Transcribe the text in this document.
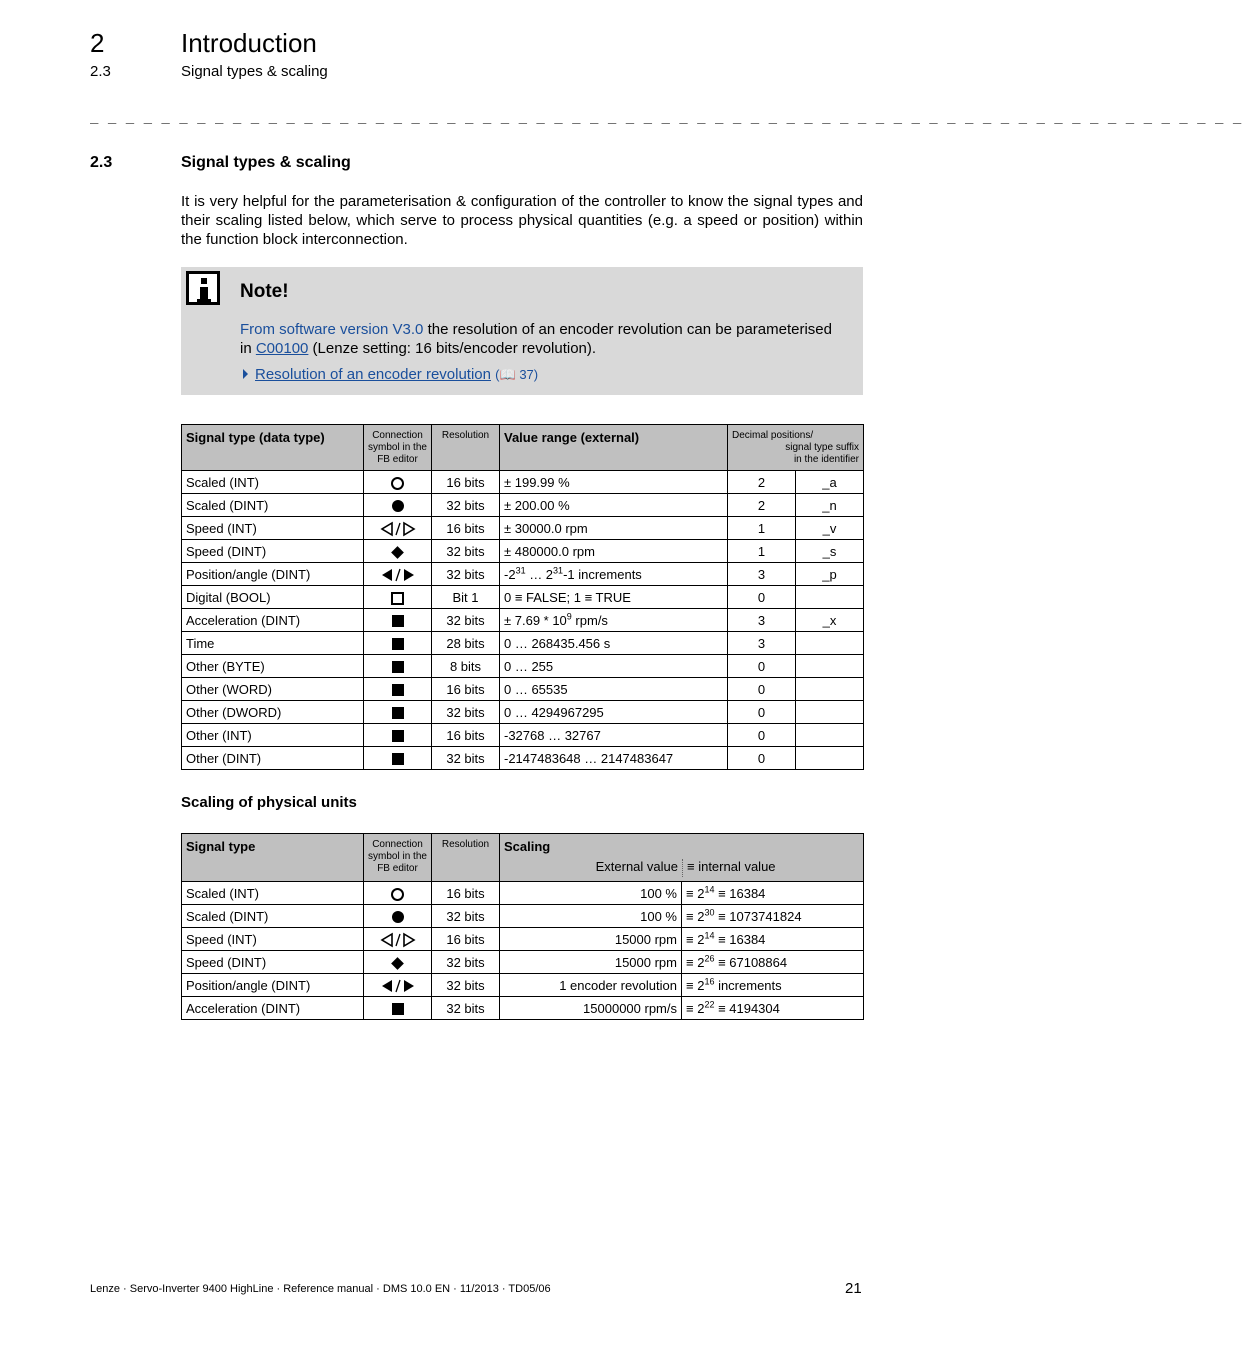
2	Introduction
2.3	Signal types & scaling
_ _ _ _ _ _ _ _ _ _ _ _ _ _ _ _ _ _ _ _ _ _ _ _ _ _ _ _ _ _ _ _ _ _ _ _ _ _ _ _ _ _ _ _ _ _ _ _ _ _ _ _ _ _ _ _ _ _ _ _ _ _ _ _ _
2.3	Signal types & scaling
It is very helpful for the parameterisation & configuration of the controller to know the signal types and their scaling listed below, which serve to process physical quantities (e.g. a speed or position) within the function block interconnection.
Note!
From software version V3.0 the resolution of an encoder revolution can be parameterised in C00100 (Lenze setting: 16 bits/encoder revolution).
Resolution of an encoder revolution (📖 37)
Signal type (data type)	Connection symbol in the FB editor	Resolution	Value range (external)	Decimal positions/
signal type suffix
in the identifier	

Scaled (INT)		16 bits	± 199.99 %	2	_a
Scaled (DINT)		32 bits	± 200.00 %	2	_n
Speed (INT)		16 bits	± 30000.0 rpm	1	_v
Speed (DINT)		32 bits	± 480000.0 rpm	1	_s
Position/angle (DINT)		32 bits	$-2^{31}$ … $2^{31}-1$ increments	3	_p
Digital (BOOL)		Bit 1	0 ≡ FALSE; 1 ≡ TRUE	0	
Acceleration (DINT)		32 bits	± $7.69 * 10^9$ rpm/s	3	_x
Time		28 bits	0 … 268435.456 s	3	
Other (BYTE)		8 bits	0 … 255	0	
Other (WORD)		16 bits	0 … 65535	0	
Other (DWORD)		32 bits	0 … 4294967295	0	
Other (INT)		16 bits	-32768 … 32767	0	
Other (DINT)		32 bits	-2147483648 … 2147483647	0	
Scaling of physical units
Signal type	Connection symbol in the FB editor	Resolution	Scaling
External value ≡ internal value	

Scaled (INT)		16 bits	100 %	≡ $2^{14} \equiv 16384$
Scaled (DINT)		32 bits	100 %	≡ $2^{30} \equiv 1073741824$
Speed (INT)		16 bits	15000 rpm	≡ $2^{14} \equiv 16384$
Speed (DINT)		32 bits	15000 rpm	≡ $2^{26} \equiv 67108864$
Position/angle (DINT)		32 bits	1 encoder revolution	≡ $2^{16}$ increments
Acceleration (DINT)		32 bits	15000000 rpm/s	≡ $2^{22} \equiv 4194304$
Lenze · Servo-Inverter 9400 HighLine · Reference manual · DMS 10.0 EN · 11/2013 · TD05/06	21
